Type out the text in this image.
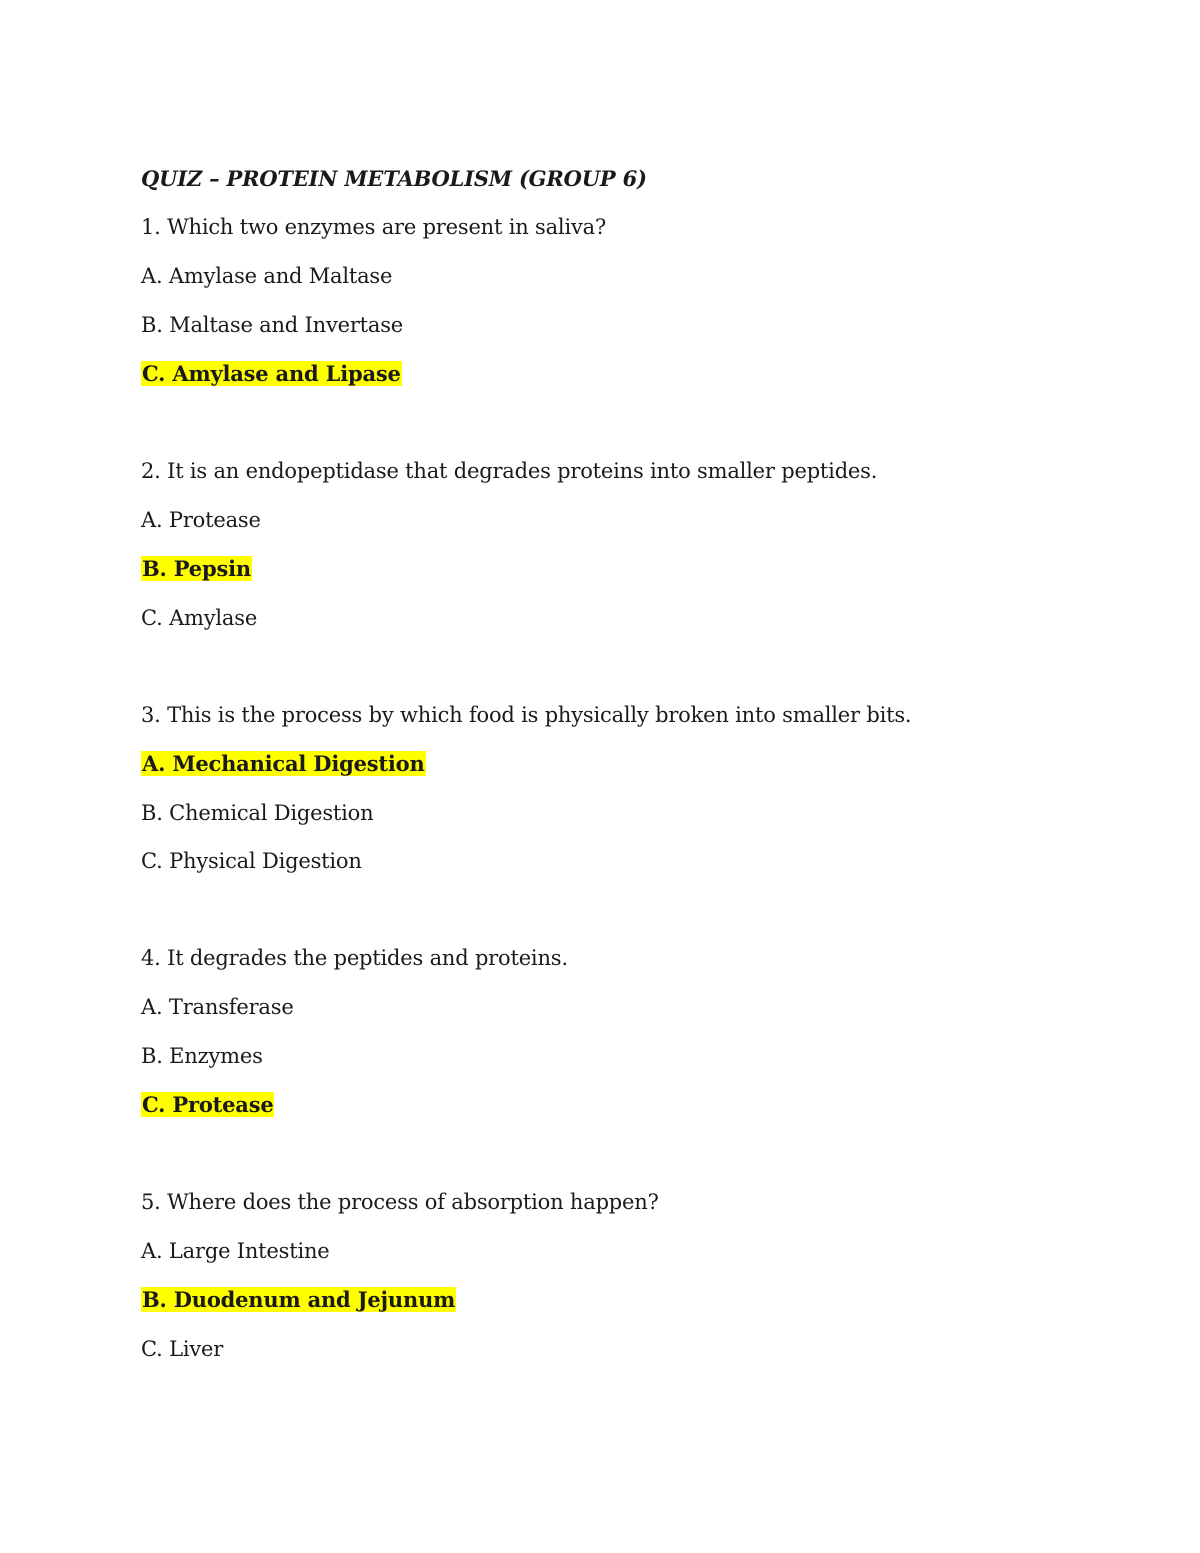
QUIZ – PROTEIN METABOLISM (GROUP 6)
1. Which two enzymes are present in saliva?
A. Amylase and Maltase
B. Maltase and Invertase
C. Amylase and Lipase
2. It is an endopeptidase that degrades proteins into smaller peptides.
A. Protease
B. Pepsin
C. Amylase
3. This is the process by which food is physically broken into smaller bits.
A. Mechanical Digestion
B. Chemical Digestion
C. Physical Digestion
4. It degrades the peptides and proteins.
A. Transferase
B. Enzymes
C. Protease
5. Where does the process of absorption happen?
A. Large Intestine
B. Duodenum and Jejunum
C. Liver
